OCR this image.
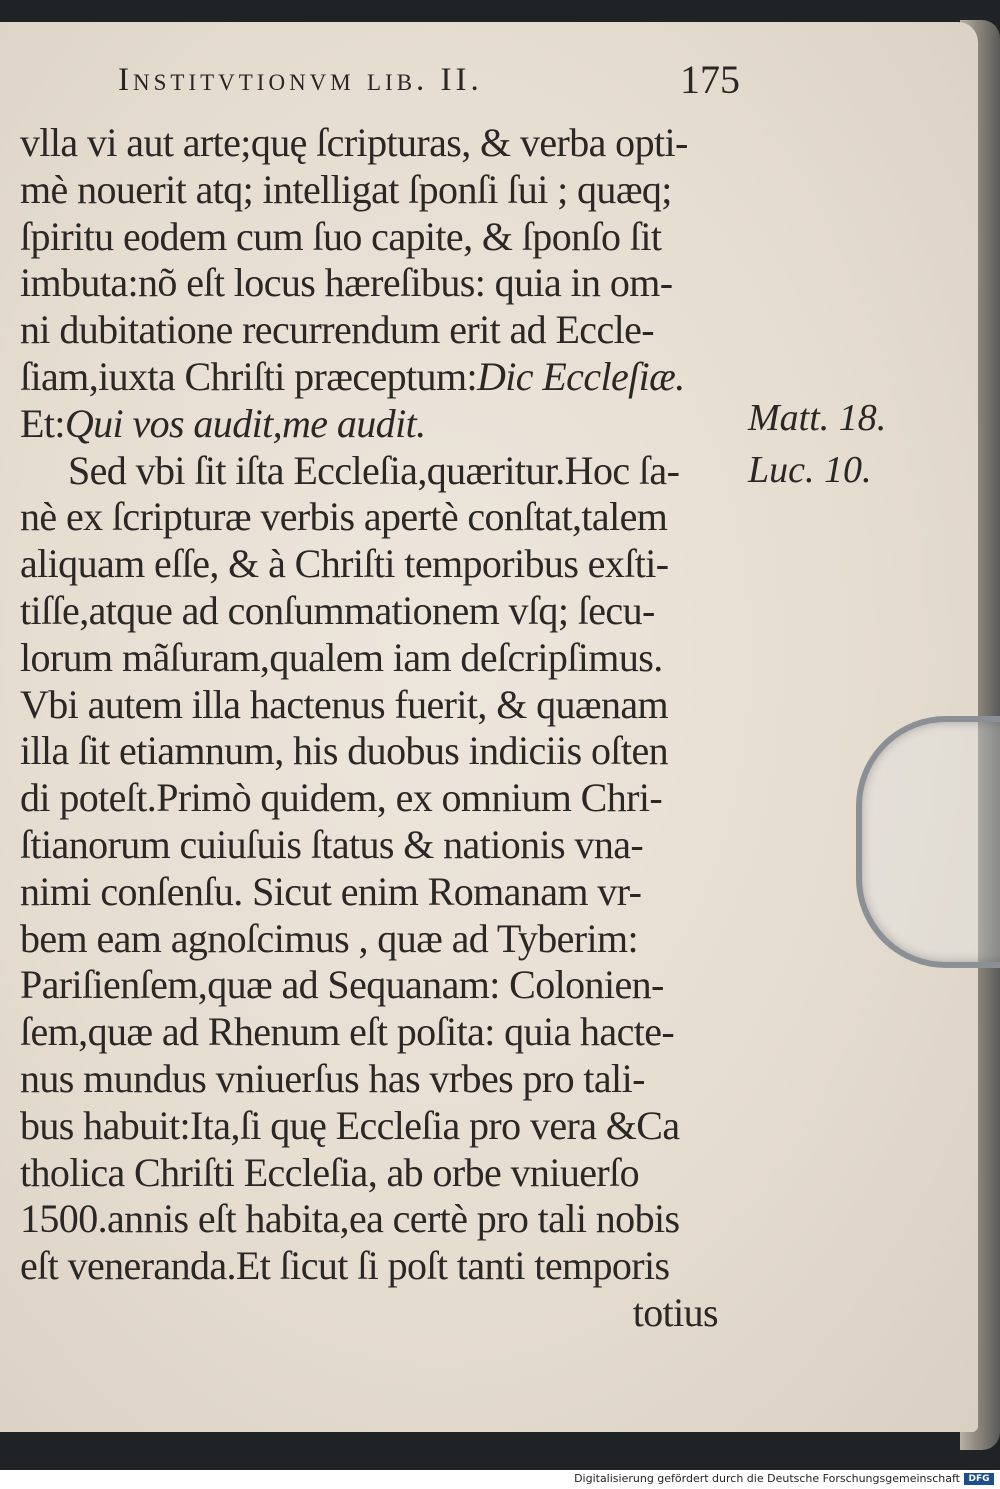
Institvtionvm lib. II.	175
vlla vi aut arte;quę ſcripturas, & verba opti-
mè nouerit atq; intelligat ſponſi ſui ; quæq;
ſpiritu eodem cum ſuo capite, & ſponſo ſit
imbuta:nõ eſt locus hæreſibus: quia in om-
ni dubitatione recurrendum erit ad Eccle-
ſiam,iuxta Chriſti præceptum:Dic Eccleſiæ.
Et:Qui vos audit,me audit.
Sed vbi ſit iſta Eccleſia,quæritur.Hoc ſa-
nè ex ſcripturæ verbis apertè conſtat,talem
aliquam eſſe, & à Chriſti temporibus exſti-
tiſſe,atque ad conſummationem vſq; ſecu-
lorum mãſuram,qualem iam deſcripſimus.
Vbi autem illa hactenus fuerit, & quænam
illa ſit etiamnum, his duobus indiciis oſten
di poteſt.Primò quidem, ex omnium Chri-
ſtianorum cuiuſuis ſtatus & nationis vna-
nimi conſenſu. Sicut enim Romanam vr-
bem eam agnoſcimus , quæ ad Tyberim:
Pariſienſem,quæ ad Sequanam: Colonien-
ſem,quæ ad Rhenum eſt poſita: quia hacte-
nus mundus vniuerſus has vrbes pro tali-
bus habuit:Ita,ſi quę Eccleſia pro vera &Ca
tholica Chriſti Eccleſia, ab orbe vniuerſo
1500.annis eſt habita,ea certè pro tali nobis
eſt veneranda.Et ſicut ſi poſt tanti temporis
totius
Matt. 18.
Luc. 10.
Digitalisierung gefördert durch die Deutsche Forschungsgemeinschaft DFG
